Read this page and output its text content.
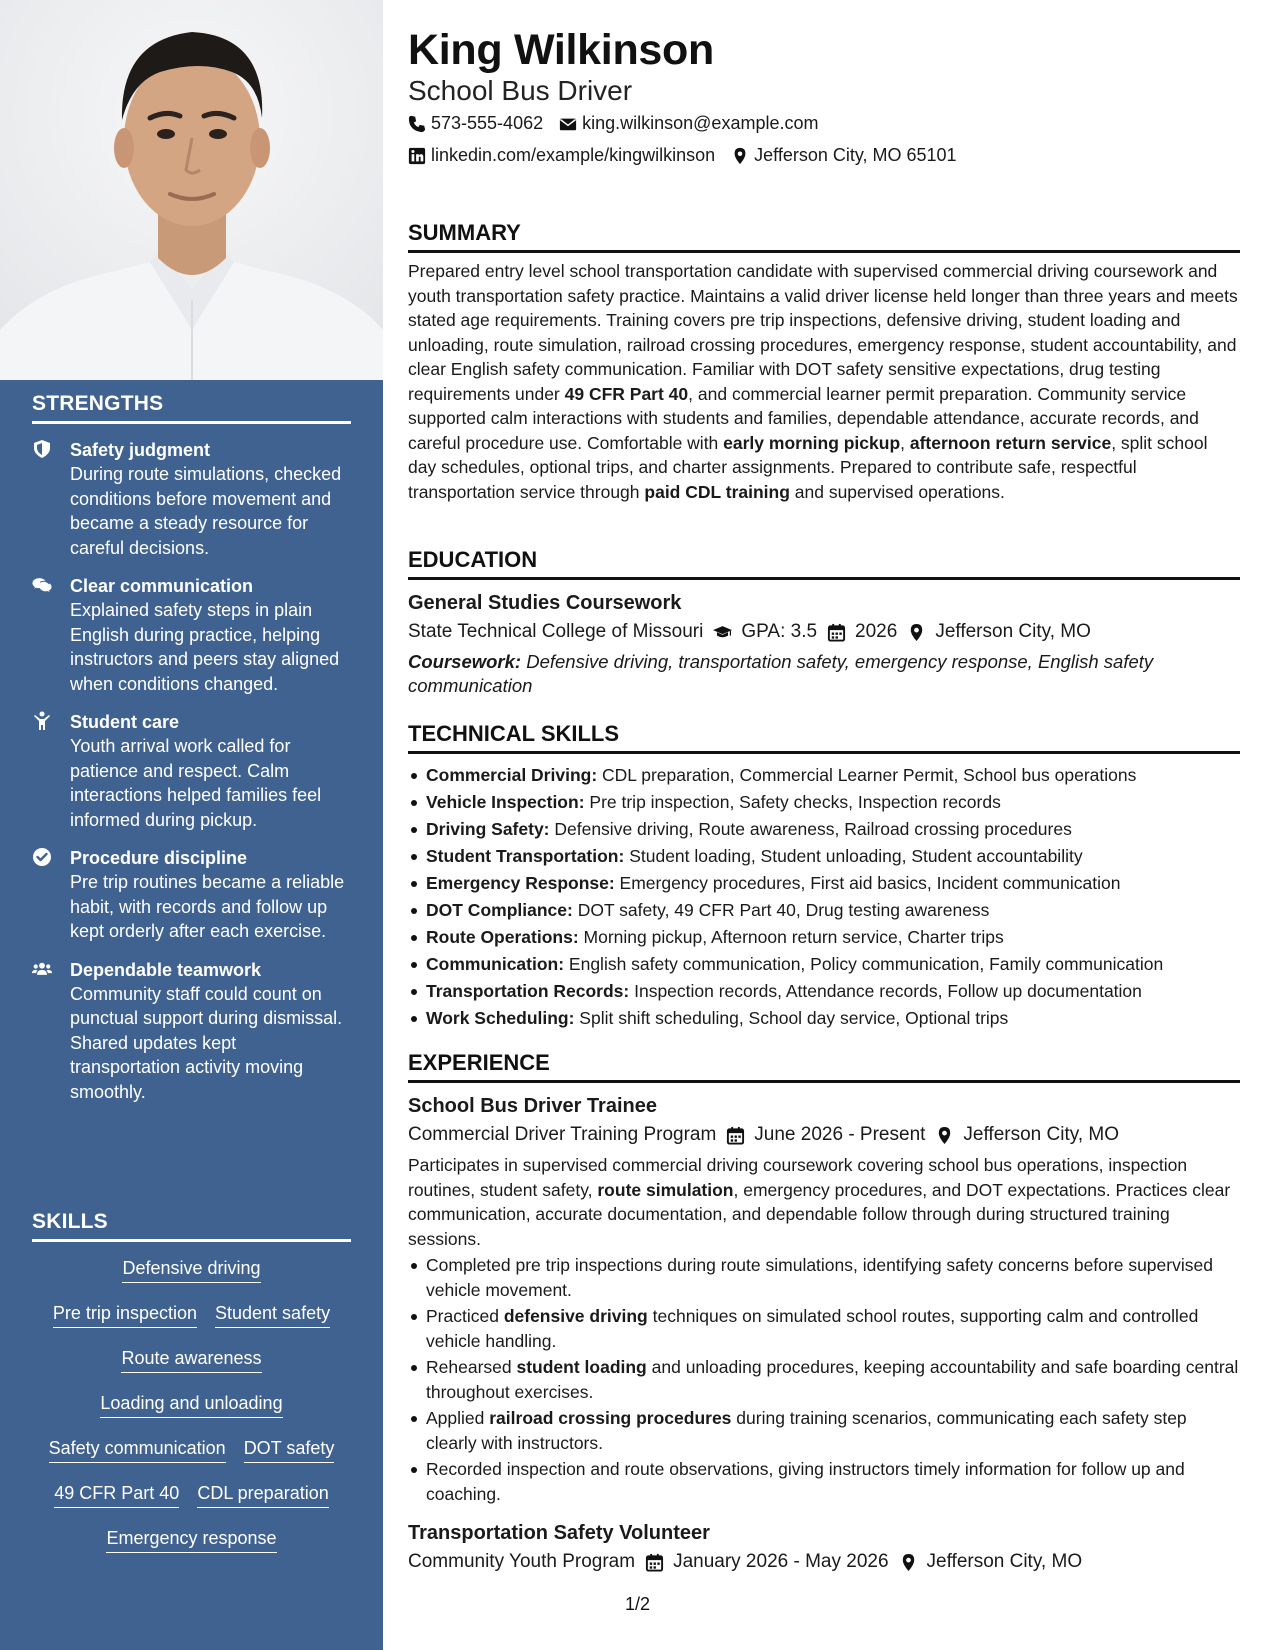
STRENGTHS
Safety judgment
During route simulations, checked conditions before movement and became a steady resource for careful decisions.
Clear communication
Explained safety steps in plain English during practice, helping instructors and peers stay aligned when conditions changed.
Student care
Youth arrival work called for patience and respect. Calm interactions helped families feel informed during pickup.
Procedure discipline
Pre trip routines became a reliable habit, with records and follow up kept orderly after each exercise.
Dependable teamwork
Community staff could count on punctual support during dismissal. Shared updates kept transportation activity moving smoothly.
SKILLS
Defensive driving
Pre trip inspection Student safety
Route awareness
Loading and unloading
Safety communication DOT safety
49 CFR Part 40 CDL preparation
Emergency response
King Wilkinson
School Bus Driver
573-555-4062 king.wilkinson@example.com
linkedin.com/example/kingwilkinson Jefferson City, MO 65101
SUMMARY
Prepared entry level school transportation candidate with supervised commercial driving coursework and youth transportation safety practice. Maintains a valid driver license held longer than three years and meets stated age requirements. Training covers pre trip inspections, defensive driving, student loading and unloading, route simulation, railroad crossing procedures, emergency response, student accountability, and clear English safety communication. Familiar with DOT safety sensitive expectations, drug testing requirements under 49 CFR Part 40, and commercial learner permit preparation. Community service supported calm interactions with students and families, dependable attendance, accurate records, and careful procedure use. Comfortable with early morning pickup, afternoon return service, split school day schedules, optional trips, and charter assignments. Prepared to contribute safe, respectful transportation service through paid CDL training and supervised operations.
EDUCATION
General Studies Coursework
State Technical College of Missouri GPA: 3.5 2026 Jefferson City, MO
Coursework: Defensive driving, transportation safety, emergency response, English safety communication
TECHNICAL SKILLS
Commercial Driving: CDL preparation, Commercial Learner Permit, School bus operations
Vehicle Inspection: Pre trip inspection, Safety checks, Inspection records
Driving Safety: Defensive driving, Route awareness, Railroad crossing procedures
Student Transportation: Student loading, Student unloading, Student accountability
Emergency Response: Emergency procedures, First aid basics, Incident communication
DOT Compliance: DOT safety, 49 CFR Part 40, Drug testing awareness
Route Operations: Morning pickup, Afternoon return service, Charter trips
Communication: English safety communication, Policy communication, Family communication
Transportation Records: Inspection records, Attendance records, Follow up documentation
Work Scheduling: Split shift scheduling, School day service, Optional trips
EXPERIENCE
School Bus Driver Trainee
Commercial Driver Training Program June 2026 - Present Jefferson City, MO
Participates in supervised commercial driving coursework covering school bus operations, inspection routines, student safety, route simulation, emergency procedures, and DOT expectations. Practices clear communication, accurate documentation, and dependable follow through during structured training sessions.
Completed pre trip inspections during route simulations, identifying safety concerns before supervised vehicle movement.
Practiced defensive driving techniques on simulated school routes, supporting calm and controlled vehicle handling.
Rehearsed student loading and unloading procedures, keeping accountability and safe boarding central throughout exercises.
Applied railroad crossing procedures during training scenarios, communicating each safety step clearly with instructors.
Recorded inspection and route observations, giving instructors timely information for follow up and coaching.
Transportation Safety Volunteer
Community Youth Program January 2026 - May 2026 Jefferson City, MO
1/2
